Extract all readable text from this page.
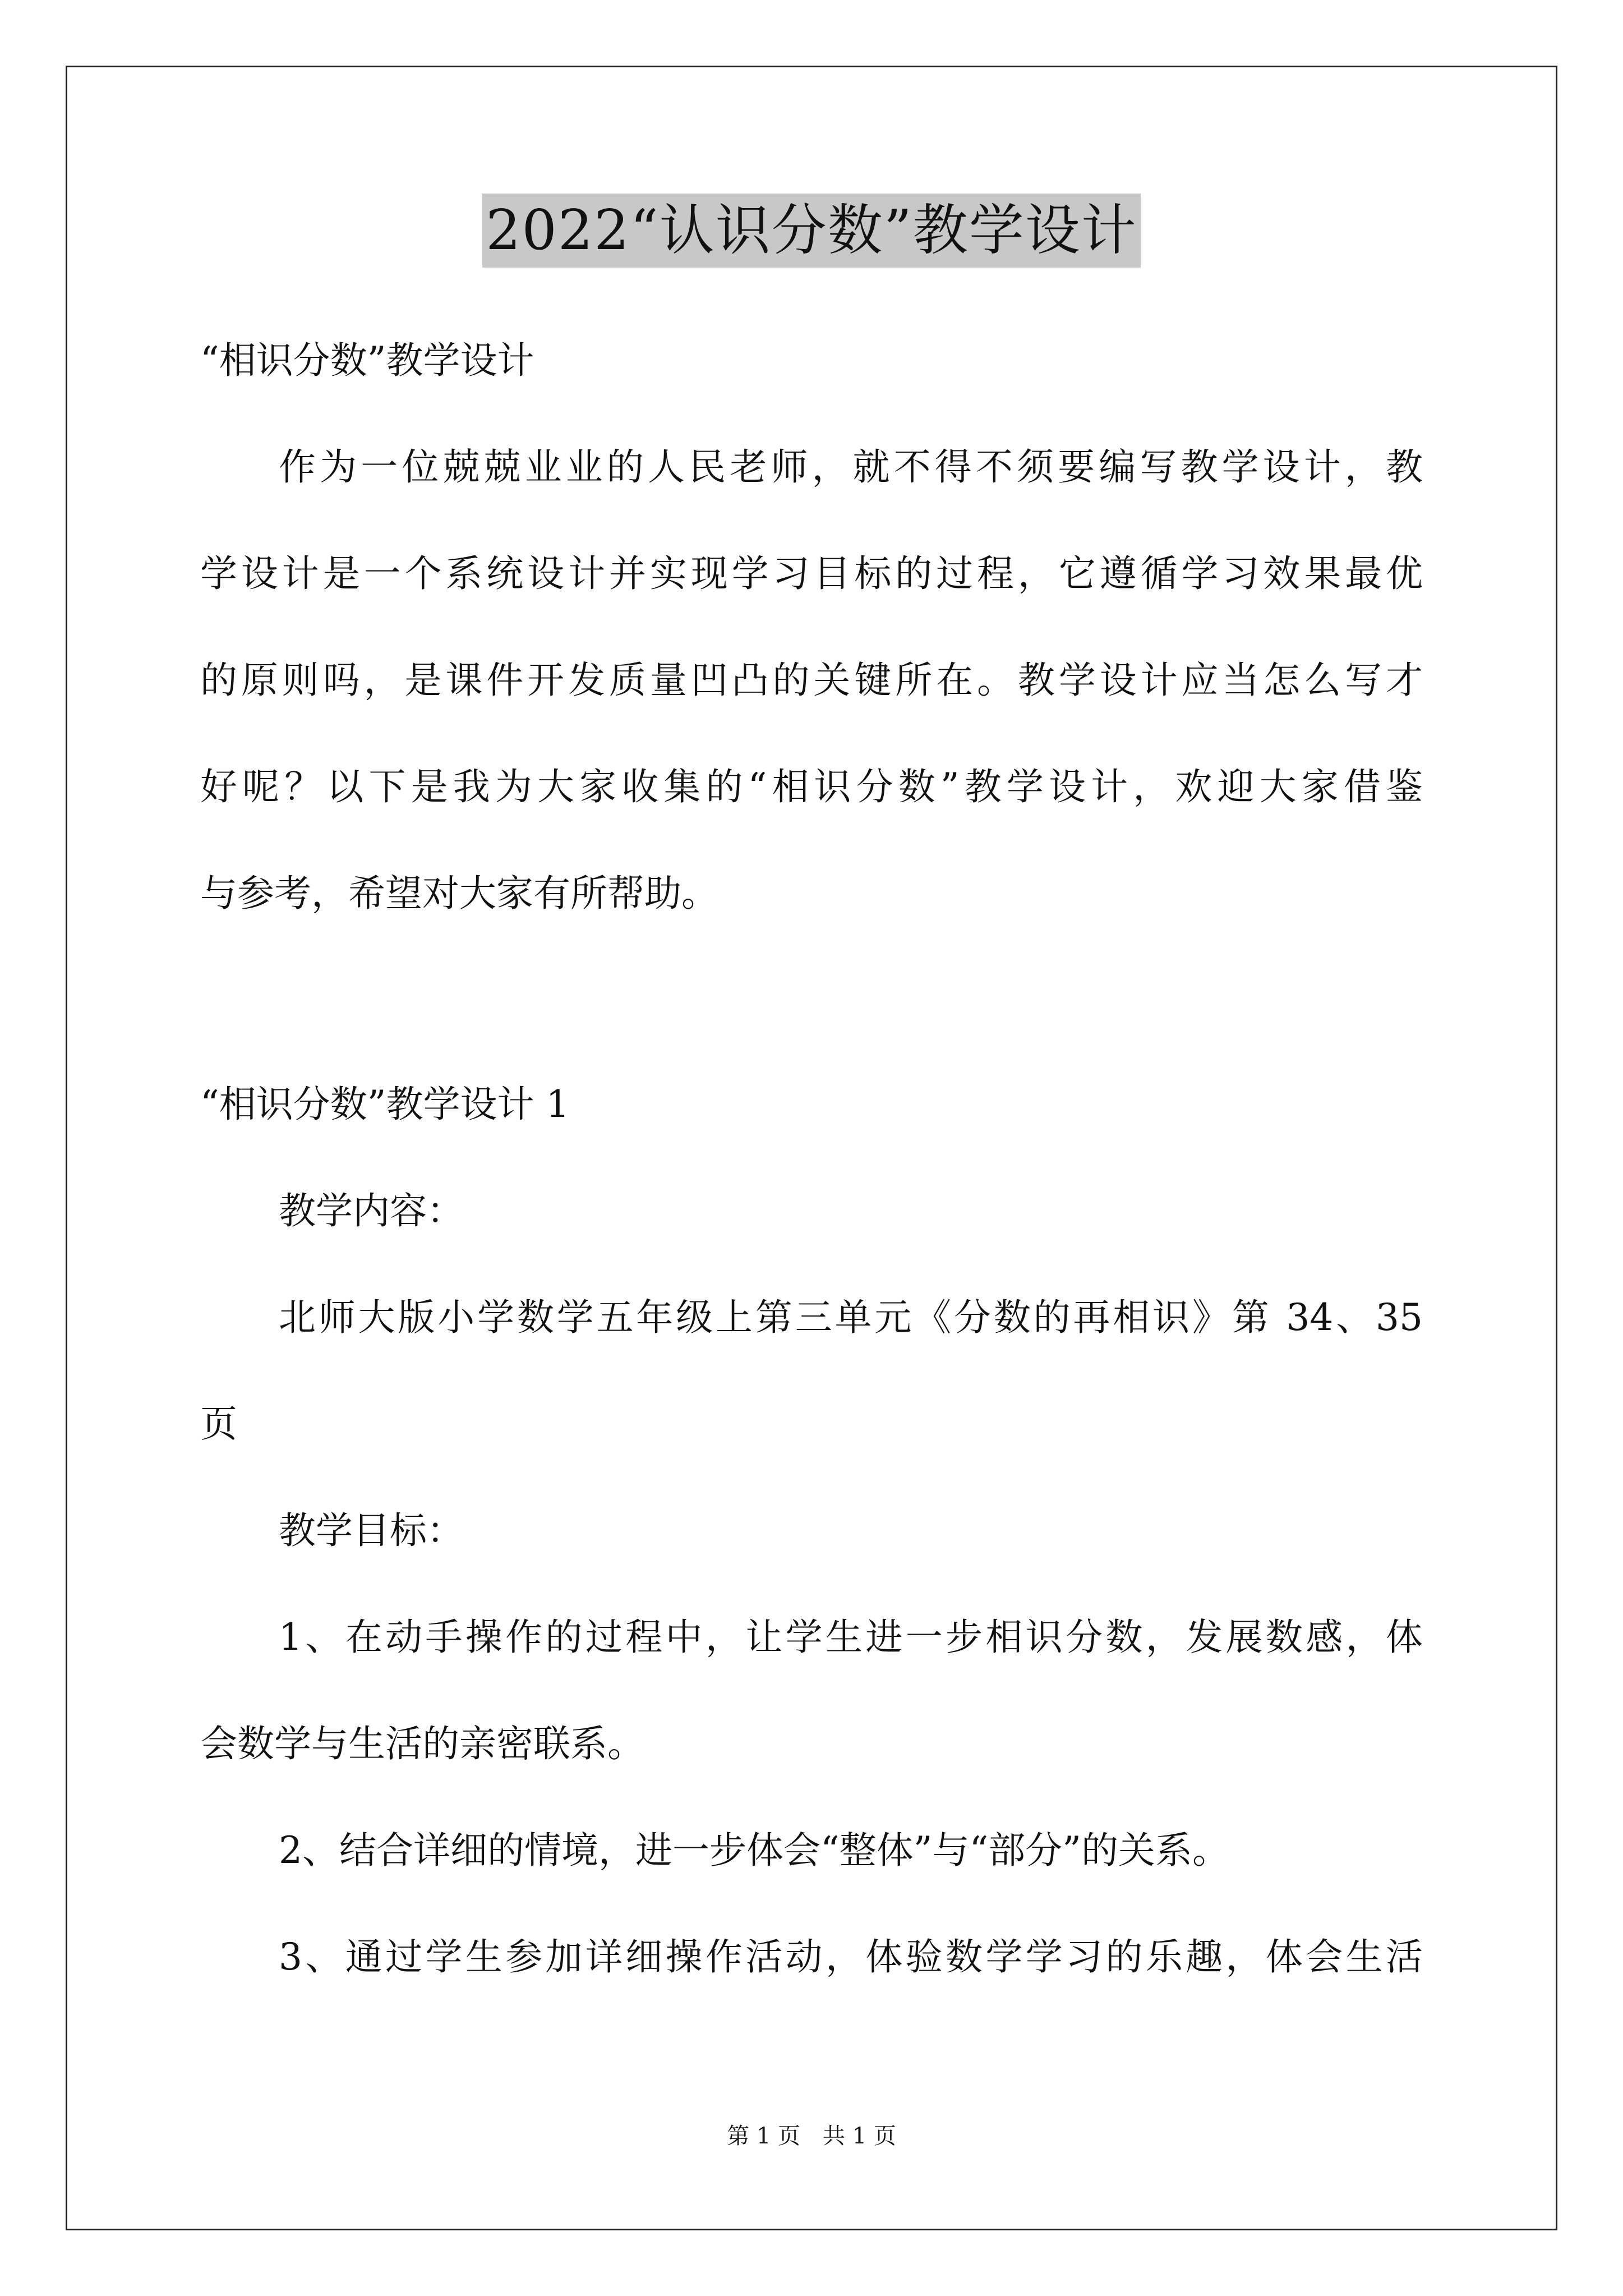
2022“认识分数”教学设计
“相识分数”教学设计
作为一位兢兢业业的人民老师，就不得不须要编写教学设计，教
学设计是一个系统设计并实现学习目标的过程，它遵循学习效果最优
的原则吗，是课件开发质量凹凸的关键所在。教学设计应当怎么写才
好呢？以下是我为大家收集的“相识分数”教学设计，欢迎大家借鉴
与参考，希望对大家有所帮助。
“相识分数”教学设计 1
教学内容：
北师大版小学数学五年级上第三单元《分数的再相识》第 34、35
页
教学目标：
1、在动手操作的过程中，让学生进一步相识分数，发展数感，体
会数学与生活的亲密联系。
2、结合详细的情境，进一步体会“整体”与“部分”的关系。
3、通过学生参加详细操作活动，体验数学学习的乐趣，体会生活
第 1 页 共 1 页
